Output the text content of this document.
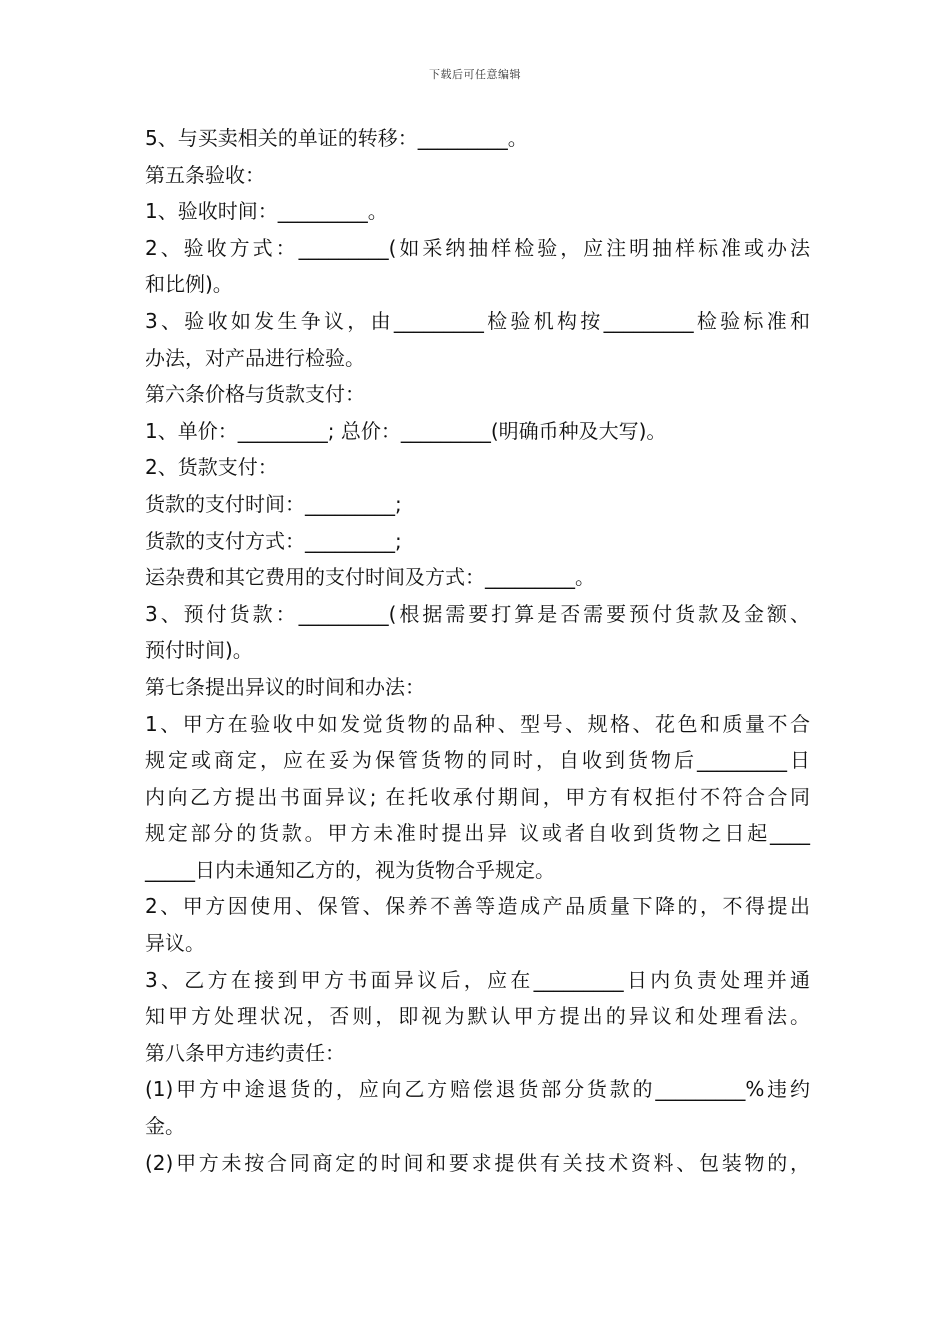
下载后可任意编辑
5、与买卖相关的单证的转移：_________。
第五条验收：
1、验收时间：_________。
2、验收方式：_________(如采纳抽样检验，应注明抽样标准或办法
和比例)。
3、验收如发生争议，由_________检验机构按_________检验标准和
办法，对产品进行检验。
第六条价格与货款支付：
1、单价：_________; 总价：_________(明确币种及大写)。
2、货款支付：
货款的支付时间：_________;
货款的支付方式：_________;
运杂费和其它费用的支付时间及方式：_________。
3、预付货款：_________(根据需要打算是否需要预付货款及金额、
预付时间)。
第七条提出异议的时间和办法：
1、甲方在验收中如发觉货物的品种、型号、规格、花色和质量不合
规定或商定，应在妥为保管货物的同时，自收到货物后_________日
内向乙方提出书面异议; 在托收承付期间，甲方有权拒付不符合合同
规定部分的货款。甲方未准时提出异 议或者自收到货物之日起____
_____日内未通知乙方的，视为货物合乎规定。
2、甲方因使用、保管、保养不善等造成产品质量下降的，不得提出
异议。
3、乙方在接到甲方书面异议后，应在_________日内负责处理并通
知甲方处理状况，否则，即视为默认甲方提出的异议和处理看法。
第八条甲方违约责任：
(1)甲方中途退货的，应向乙方赔偿退货部分货款的_________%违约
金。
(2)甲方未按合同商定的时间和要求提供有关技术资料、包装物的，
